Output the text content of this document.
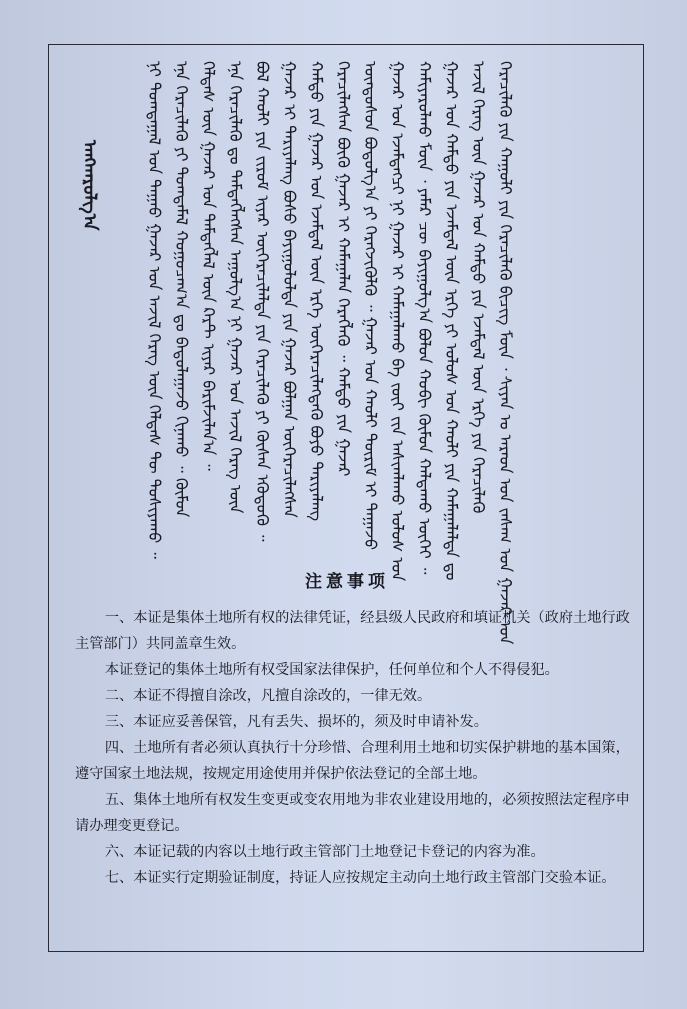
ᠠᠩᠬᠠᠷᠤᠯᠭ᠎ᠠ	ᠨᠢ ᠲᠣᠭᠲᠠᠭᠠᠯ ᠤᠨ ᠳᠠᠭᠠᠤ ᠭᠠᠵᠠᠷ ᠤᠨ ᠠᠵᠢᠯ ᠬᠡᠷᠡᠭ ᠦᠨ ᠬᠡᠯᠲᠡᠰ ᠲᠦ ᠲᠤᠰᠢᠶᠠᠬᠤ ᠃ ᠡᠨᠡ ᠭᠡᠷᠡᠴᠢᠯᠡᠬᠦ ᠶᠢ ᠲᠣᠭᠲᠠᠮᠠᠯ ᠬᠤᠭᠤᠴᠠᠭ᠎ᠠ ᠳᠤ ᠪᠠᠲᠤᠯᠠᠭᠠᠵᠤ ᠬᠢᠨᠠᠬᠤ ᠃ ᠬᠦᠮᠦᠨ ᠬᠡᠯᠲᠡᠰ ᠦᠨ ᠭᠠᠵᠠᠷ ᠤᠨ ᠳᠡᠮᠳᠡᠭᠯᠡᠯ ᠦᠨ ᠺᠠᠷᠲ ᠢᠶᠠᠷ ᠪᠠᠷᠢᠮᠵᠢᠯᠠᠨ᠎ᠠ ᠃ ᠡᠨᠡ ᠭᠡᠷᠡᠴᠢᠯᠡᠬᠦ ᠳᠤ ᠳᠡᠮᠳᠡᠭᠯᠡᠭᠰᠡᠨ ᠠᠭᠤᠯᠭ᠎ᠠ ᠨᠢ ᠭᠠᠵᠠᠷ ᠤᠨ ᠠᠵᠢᠯ ᠬᠡᠷᠡᠭ ᠦᠨ ᠪᠣᠯ ᠬᠠᠤᠯᠢ ᠶᠢᠨ ᠵᠢᠷᠤᠮ ᠢᠶᠠᠷ ᠥᠭᠡᠷᠡᠴᠢᠯᠡᠯᠲᠡ ᠶᠢᠨ ᠭᠡᠷᠡᠴᠢᠯᠡᠬᠦ ᠶᠢ ᠬᠦᠰᠡᠨ ᠡᠭᠦᠳᠦᠬᠦ ᠃ ᠭᠠᠵᠠᠷ ᠢ ᠲᠠᠷᠢᠶᠠᠯᠠᠩ ᠪᠤᠰᠤ ᠪᠠᠶᠢᠭᠤᠯᠤᠯᠲᠠ ᠶᠢᠨ ᠭᠠᠵᠠᠷ ᠪᠣᠯᠭᠠᠨ ᠥᠭᠡᠷᠡᠴᠢᠯᠡᠭᠰᠡᠨ ᠬᠠᠮᠲᠤ ᠶᠢᠨ ᠭᠠᠵᠠᠷ ᠤᠨ ᠡᠵᠡᠮᠳᠡᠯ ᠦᠨ ᠡᠷᠬᠡ ᠥᠭᠡᠷᠡᠴᠢᠯᠡᠭᠳᠡᠬᠦ ᠪᠤᠶᠤ ᠲᠠᠷᠢᠶᠠᠯᠠᠩ ᠭᠡᠷᠡᠴᠢᠯᠡᠭᠰᠡᠨ ᠪᠦᠬᠦ ᠭᠠᠵᠠᠷ ᠢ ᠬᠠᠮᠠᠭᠠᠯᠠᠨ ᠬᠡᠷᠡᠭᠯᠡᠬᠦ ᠃ ᠬᠠᠮᠲᠤ ᠶᠢᠨ ᠭᠠᠵᠠᠷ ᠦᠨᠳᠦᠰᠦᠨ ᠪᠣᠳᠤᠯᠭ᠎ᠠ ᠶᠢ ᠬᠡᠷᠡᠭᠵᠢᠭᠦᠯᠬᠦ ᠃ ᠭᠠᠵᠠᠷ ᠤᠨ ᠬᠠᠤᠯᠢ ᠳᠦᠷᠢᠮ ᠢ ᠳᠠᠭᠠᠵᠤ ᠭᠠᠵᠠᠷ ᠤᠨ ᠡᠵᠡᠮᠳᠡᠭᠴᠢ ᠨᠢ ᠭᠠᠵᠠᠷ ᠢ ᠬᠠᠮᠠᠭᠠᠯᠠᠬᠤ ᠪᠠ ᠵᠦᠢ ᠵᠢᠨ ᠠᠰᠢᠭᠯᠠᠬᠤ ᠤᠯᠤᠰ ᠤᠨ ᠬᠠᠮᠢᠶᠠᠷᠤᠯᠬᠤ ᠮᠦᠨ ᠂ ᠶᠠᠮᠠᠷ ᠴᠦ ᠪᠠᠶᠢᠭᠤᠯᠭ᠎ᠠ ᠪᠣᠯᠤᠨ ᠬᠤᠪᠢ ᠬᠦᠮᠦᠨ ᠬᠠᠯᠳᠠᠬᠤ ᠦᠭᠡᠢ ᠃ ᠭᠠᠵᠠᠷ ᠤᠨ ᠬᠠᠮᠲᠤ ᠶᠢᠨ ᠡᠵᠡᠮᠳᠡᠯ ᠦᠨ ᠡᠷᠬᠡ ᠶᠢ ᠤᠯᠤᠰ ᠤᠨ ᠬᠠᠤᠯᠢ ᠶᠢᠨ ᠬᠠᠮᠠᠭᠠᠯᠠᠯᠲᠠ ᠳᠤ ᠠᠵᠢᠯ ᠬᠡᠷᠡᠭ ᠦᠨ ᠭᠠᠵᠠᠷ ᠤᠨ ᠬᠠᠮᠲᠤ ᠶᠢᠨ ᠡᠵᠡᠮᠳᠡᠯ ᠦᠨ ᠡᠷᠬᠡ ᠶᠢᠨ ᠭᠡᠷᠡᠴᠢᠯᠡᠬᠦ ᠭᠡᠷᠡᠴᠢᠯᠡᠬᠦ ᠶᠢᠨ ᠬᠠᠭᠤᠯᠢ ᠶᠢᠨ ᠭᠡᠷᠡᠴᠢᠯᠡᠬᠦ ᠪᠢᠴᠢᠭ ᠮᠦᠨ ᠂ ᠰᠢᠶᠠᠨ ᠤ ᠠᠷᠠᠳ ᠤᠨ ᠵᠠᠰᠠᠭ ᠤᠨ ᠭᠠᠵᠠᠷ ᠤᠨ
注意事项

一、本证是集体土地所有权的法律凭证，经县级人民政府和填证机关（政府土地行政主管部门）共同盖章生效。

本证登记的集体土地所有权受国家法律保护，任何单位和个人不得侵犯。

二、本证不得擅自涂改，凡擅自涂改的，一律无效。

三、本证应妥善保管，凡有丢失、损坏的，须及时申请补发。

四、土地所有者必须认真执行十分珍惜、合理利用土地和切实保护耕地的基本国策，遵守国家土地法规，按规定用途使用并保护依法登记的全部土地。

五、集体土地所有权发生变更或变农用地为非农业建设用地的，必须按照法定程序申请办理变更登记。

六、本证记载的内容以土地行政主管部门土地登记卡登记的内容为准。

七、本证实行定期验证制度，持证人应按规定主动向土地行政主管部门交验本证。
